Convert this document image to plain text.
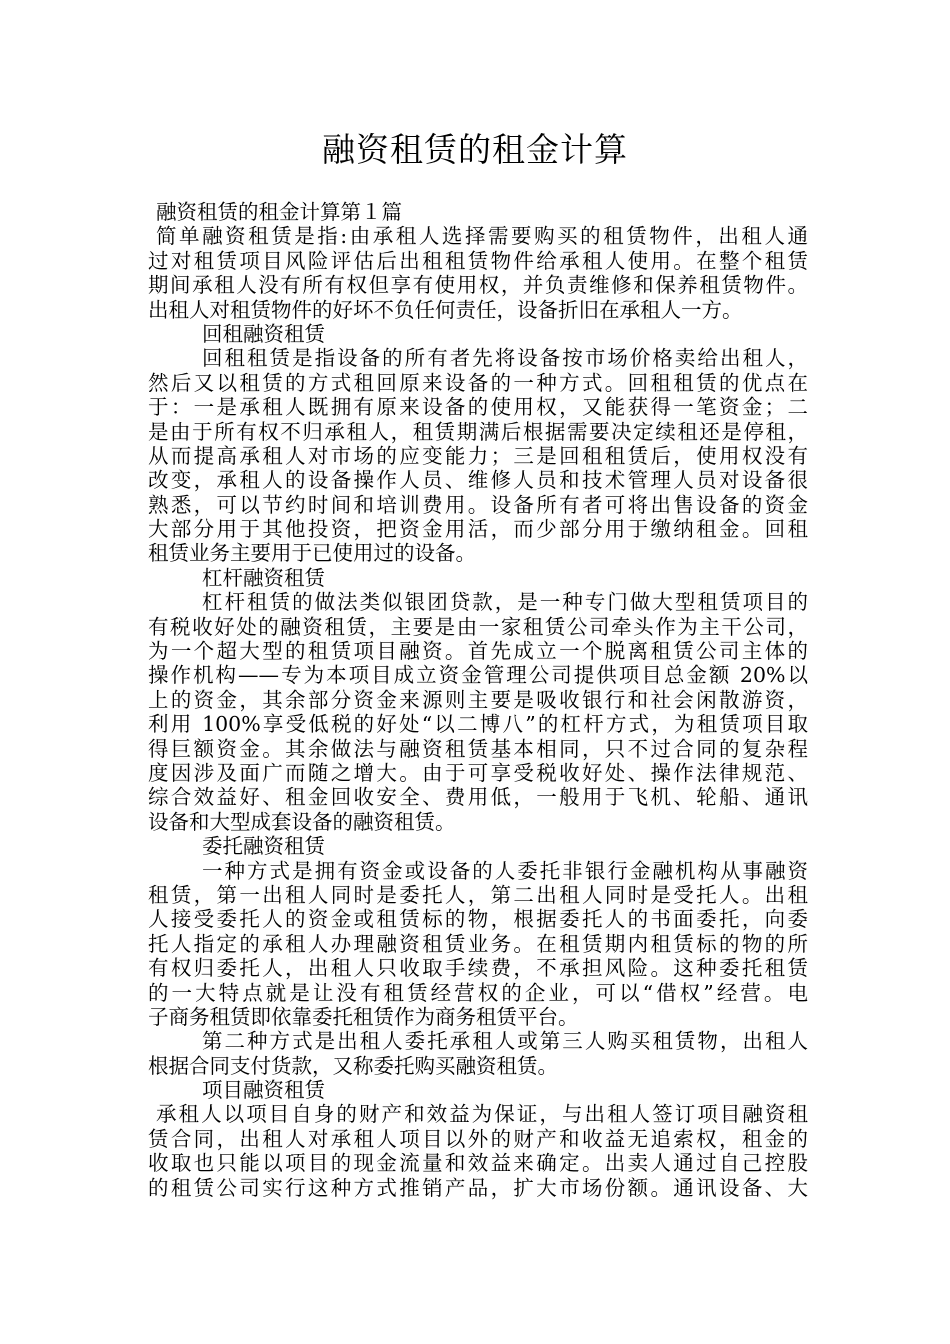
融资租赁的租金计算

融资租赁的租金计算第１篇

简单融资租赁是指:由承租人选择需要购买的租赁物件，出租人通

过对租赁项目风险评估后出租租赁物件给承租人使用。在整个租赁

期间承租人没有所有权但享有使用权，并负责维修和保养租赁物件。

出租人对租赁物件的好坏不负任何责任，设备折旧在承租人一方。

回租融资租赁

回租租赁是指设备的所有者先将设备按市场价格卖给出租人，

然后又以租赁的方式租回原来设备的一种方式。回租租赁的优点在

于：一是承租人既拥有原来设备的使用权，又能获得一笔资金；二

是由于所有权不归承租人，租赁期满后根据需要决定续租还是停租，

从而提高承租人对市场的应变能力；三是回租租赁后，使用权没有

改变，承租人的设备操作人员、维修人员和技术管理人员对设备很

熟悉，可以节约时间和培训费用。设备所有者可将出售设备的资金

大部分用于其他投资，把资金用活，而少部分用于缴纳租金。回租

租赁业务主要用于已使用过的设备。

杠杆融资租赁

杠杆租赁的做法类似银团贷款，是一种专门做大型租赁项目的

有税收好处的融资租赁，主要是由一家租赁公司牵头作为主干公司，

为一个超大型的租赁项目融资。首先成立一个脱离租赁公司主体的

操作机构——专为本项目成立资金管理公司提供项目总金额 20%以

上的资金，其余部分资金来源则主要是吸收银行和社会闲散游资，

利用 100%享受低税的好处“以二博八”的杠杆方式，为租赁项目取

得巨额资金。其余做法与融资租赁基本相同，只不过合同的复杂程

度因涉及面广而随之增大。由于可享受税收好处、操作法律规范、

综合效益好、租金回收安全、费用低，一般用于飞机、轮船、通讯

设备和大型成套设备的融资租赁。

委托融资租赁

一种方式是拥有资金或设备的人委托非银行金融机构从事融资

租赁，第一出租人同时是委托人，第二出租人同时是受托人。出租

人接受委托人的资金或租赁标的物，根据委托人的书面委托，向委

托人指定的承租人办理融资租赁业务。在租赁期内租赁标的物的所

有权归委托人，出租人只收取手续费，不承担风险。这种委托租赁

的一大特点就是让没有租赁经营权的企业，可以“借权”经营。电

子商务租赁即依靠委托租赁作为商务租赁平台。

第二种方式是出租人委托承租人或第三人购买租赁物，出租人

根据合同支付货款，又称委托购买融资租赁。

项目融资租赁

承租人以项目自身的财产和效益为保证，与出租人签订项目融资租

赁合同，出租人对承租人项目以外的财产和收益无追索权，租金的

收取也只能以项目的现金流量和效益来确定。出卖人通过自己控股

的租赁公司实行这种方式推销产品，扩大市场份额。通讯设备、大
